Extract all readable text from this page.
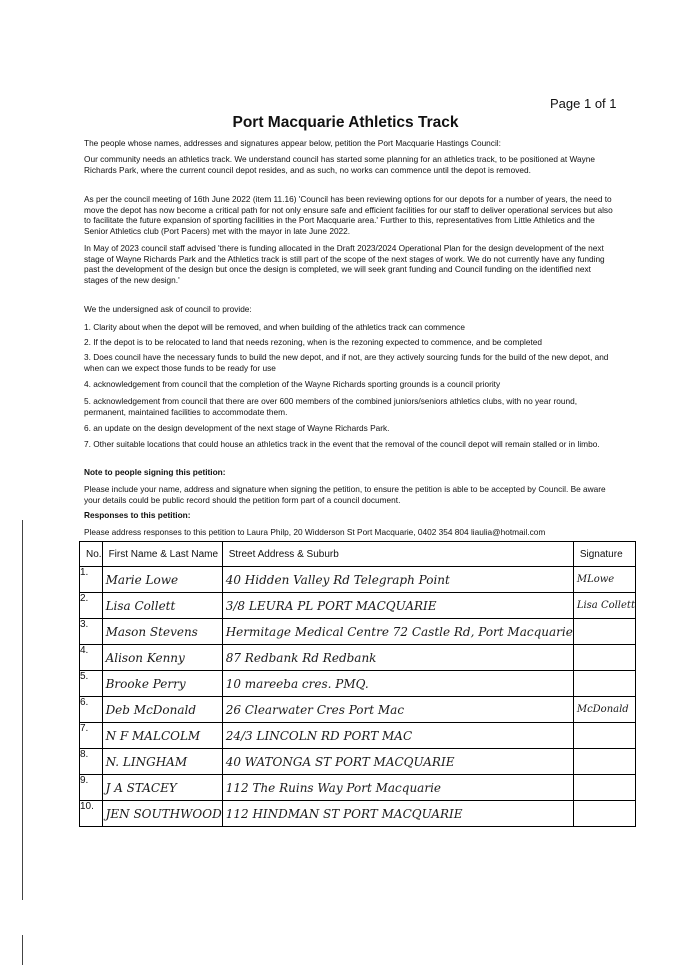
Page 1 of 1
Port Macquarie Athletics Track

The people whose names, addresses and signatures appear below, petition the Port Macquarie Hastings Council:

Our community needs an athletics track. We understand council has started some planning for an athletics track, to be positioned at Wayne Richards Park, where the current council depot resides, and as such, no works can commence until the depot is removed.

As per the council meeting of 16th June 2022 (item 11.16) 'Council has been reviewing options for our depots for a number of years, the need to move the depot has now become a critical path for not only ensure safe and efficient facilities for our staff to deliver operational services but also to facilitate the future expansion of sporting facilities in the Port Macquarie area.' Further to this, representatives from Little Athletics and the Senior Athletics club (Port Pacers) met with the mayor in late June 2022.

In May of 2023 council staff advised 'there is funding allocated in the Draft 2023/2024 Operational Plan for the design development of the next stage of Wayne Richards Park and the Athletics track is still part of the scope of the next stages of work. We do not currently have any funding past the development of the design but once the design is completed, we will seek grant funding and Council funding on the identified next stages of the new design.'

We the undersigned ask of council to provide:

1. Clarity about when the depot will be removed, and when building of the athletics track can commence

2. If the depot is to be relocated to land that needs rezoning, when is the rezoning expected to commence, and be completed

3. Does council have the necessary funds to build the new depot, and if not, are they actively sourcing funds for the build of the new depot, and when can we expect those funds to be ready for use

4. acknowledgement from council that the completion of the Wayne Richards sporting grounds is a council priority

5. acknowledgement from council that there are over 600 members of the combined juniors/seniors athletics clubs, with no year round, permanent, maintained facilities to accommodate them.

6. an update on the design development of the next stage of Wayne Richards Park.

7. Other suitable locations that could house an athletics track in the event that the removal of the council depot will remain stalled or in limbo.

Note to people signing this petition:

Please include your name, address and signature when signing the petition, to ensure the petition is able to be accepted by Council. Be aware your details could be public record should the petition form part of a council document.

Responses to this petition:

Please address responses to this petition to Laura Philp, 20 Widderson St Port Macquarie, 0402 354 804 liaulia@hotmail.com

No.	First Name & Last Name	Street Address & Suburb	Signature
1.	Marie Lowe	40 Hidden Valley Rd Telegraph Point	MLowe

2.	Lisa Collett	3/8 LEURA PL PORT MACQUARIE	Lisa Collett

3.	Mason Stevens	Hermitage Medical Centre 72 Castle Rd, Port Macquarie	

4.	Alison Kenny	87 Redbank Rd Redbank	

5.	Brooke Perry	10 mareeba cres. PMQ.	

6.	Deb McDonald	26 Clearwater Cres Port Mac	McDonald

7.	N F MALCOLM	24/3 LINCOLN RD PORT MAC	

8.	N. LINGHAM	40 WATONGA ST PORT MACQUARIE	

9.	J A STACEY	112 The Ruins Way Port Macquarie	

10.	JEN SOUTHWOOD	112 HINDMAN ST PORT MACQUARIE	
